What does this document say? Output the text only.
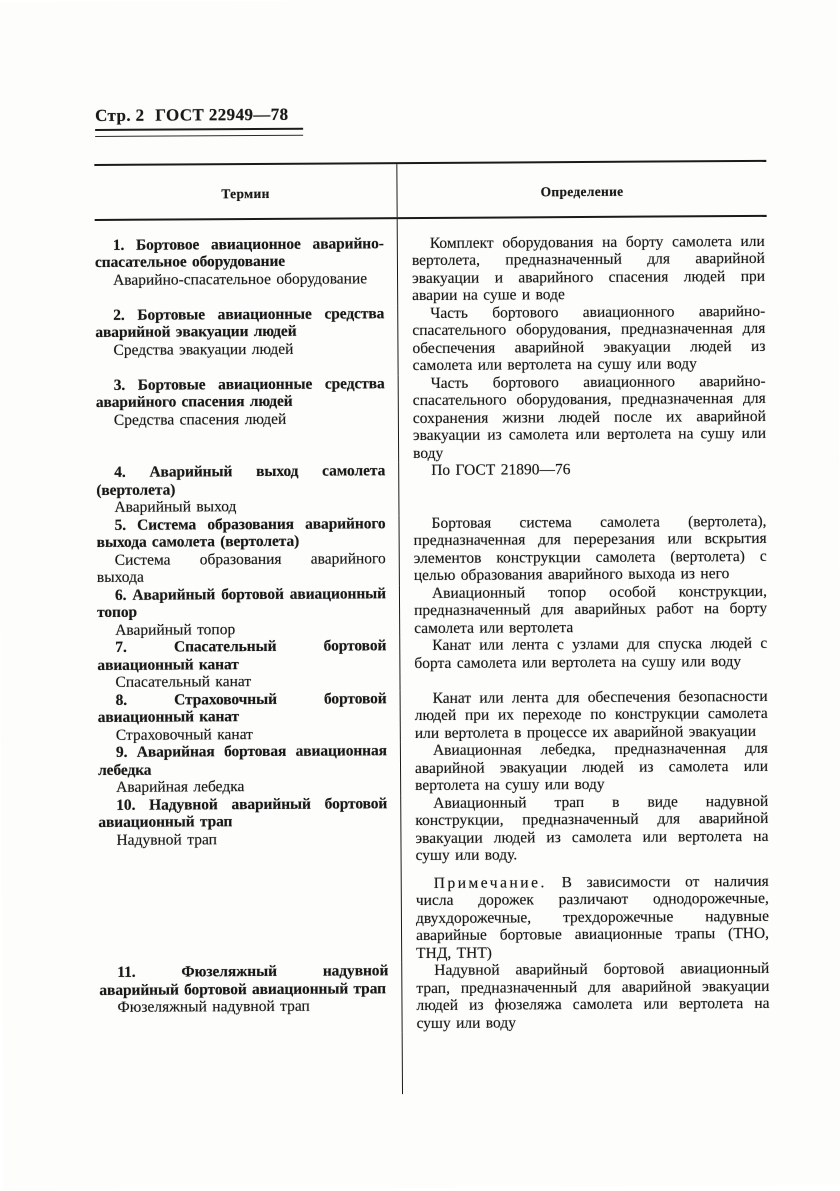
Стр. 2 ГОСТ 22949—78
Термин	Определение

1. Бортовое авиационное аварийно-спасательное оборудование

Аварийно-спасательное оборудование

Комплект оборудования на борту самолета или вертолета, предназначенный для аварийной эвакуации и аварийного спасения людей при аварии на суше и воде

2. Бортовые авиационные средства аварийной эвакуации людей

Средства эвакуации людей

Часть бортового авиационного аварийно-спасательного оборудования, предназначенная для обеспечения аварийной эвакуации людей из самолета или вертолета на сушу или воду

3. Бортовые авиационные средства аварийного спасения людей

Средства спасения людей

Часть бортового авиационного аварийно-спасательного оборудования, предназначенная для сохранения жизни людей после их аварийной эвакуации из самолета или вертолета на сушу или воду

4. Аварийный выход самолета (вертолета)

Аварийный выход

По ГОСТ 21890—76

5. Система образования аварийного выхода самолета (вертолета)

Система образования аварийного выхода

Бортовая система самолета (вертолета), предназначенная для перерезания или вскрытия элементов конструкции самолета (вертолета) с целью образования аварийного выхода из него

6. Аварийный бортовой авиационный топор

Аварийный топор

Авиационный топор особой конструкции, предназначенный для аварийных работ на борту самолета или вертолета

7. Спасательный бортовой авиационный канат

Спасательный канат

Канат или лента с узлами для спуска людей с борта самолета или вертолета на сушу или воду

8. Страховочный бортовой авиационный канат

Страховочный канат

Канат или лента для обеспечения безопасности людей при их переходе по конструкции самолета или вертолета в процессе их аварийной эвакуации

9. Аварийная бортовая авиационная лебедка

Аварийная лебедка

Авиационная лебедка, предназначенная для аварийной эвакуации людей из самолета или вертолета на сушу или воду

10. Надувной аварийный бортовой авиационный трап

Надувной трап

Авиационный трап в виде надувной конструкции, предназначенный для аварийной эвакуации людей из самолета или вертолета на сушу или воду.

Примечание. В зависимости от наличия числа дорожек различают однодорожечные, двухдорожечные, трехдорожечные надувные аварийные бортовые авиационные трапы (ТНО, ТНД, ТНТ)

11. Фюзеляжный надувной аварийный бортовой авиационный трап

Фюзеляжный надувной трап

Надувной аварийный бортовой авиационный трап, предназначенный для аварийной эвакуации людей из фюзеляжа самолета или вертолета на сушу или воду
